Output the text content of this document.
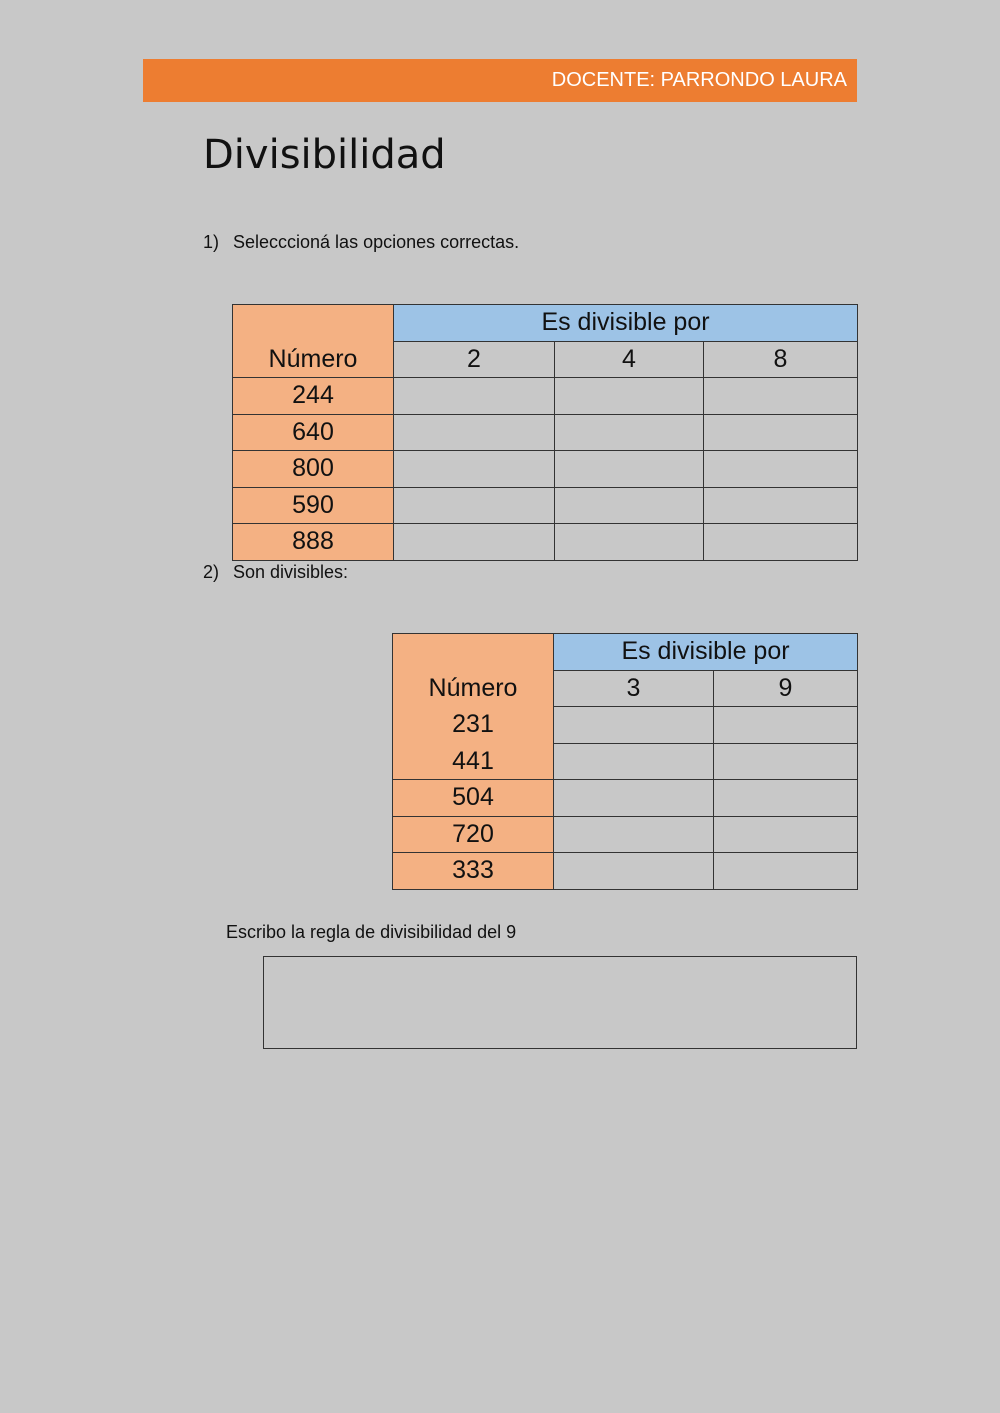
DOCENTE: PARRONDO LAURA
Divisibilidad
1) Selecccioná las opciones correctas.
	Es divisible por		
Número	2	4	8
244			
640			
800			
590			
888			
2) Son divisibles:
	Es divisible por	
Número	3	9
231		
441		
504		
720		
333		
Escribo la regla de divisibilidad del 9
